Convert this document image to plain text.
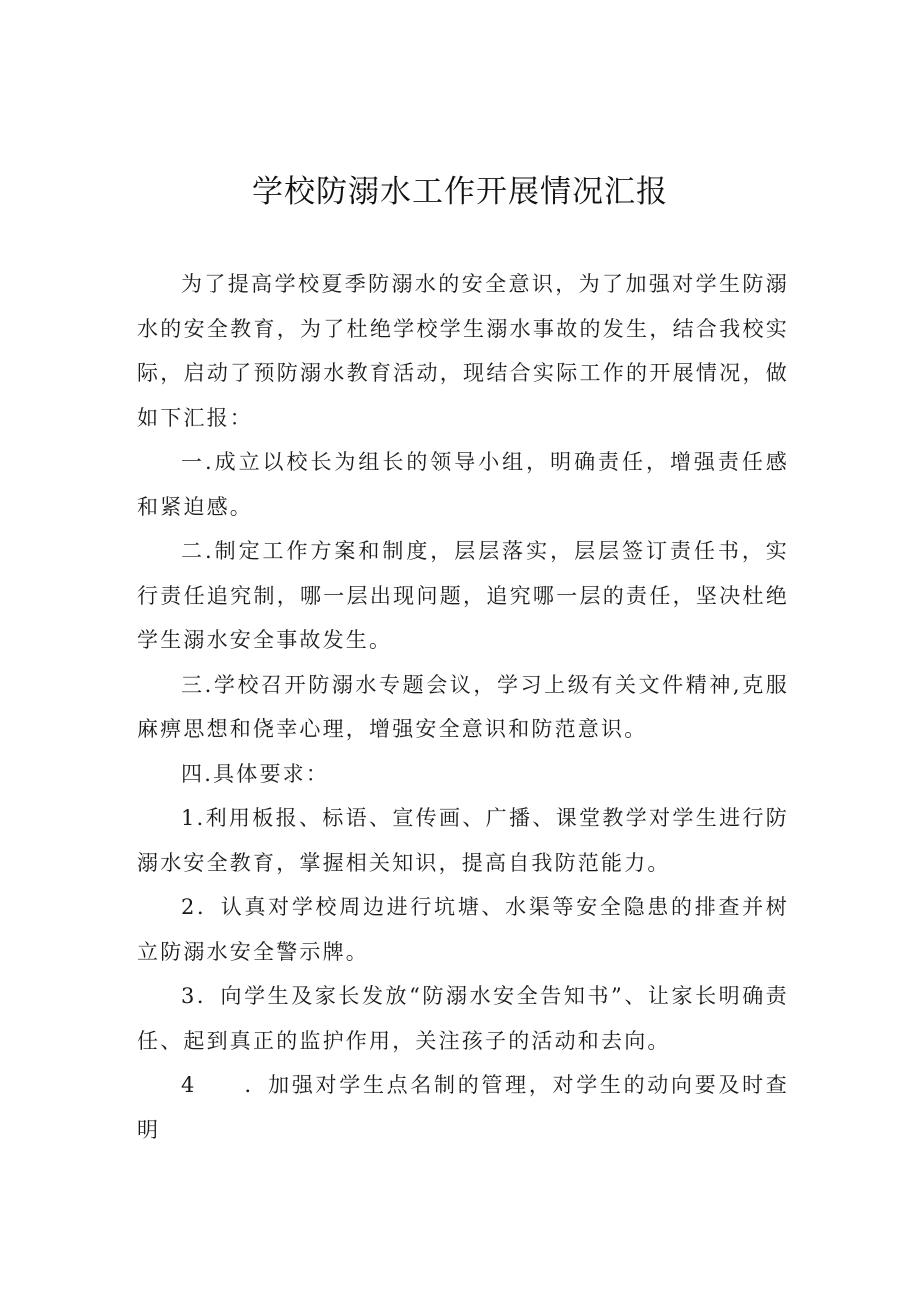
学校防溺水工作开展情况汇报

为了提高学校夏季防溺水的安全意识，为了加强对学生防溺水的安全教育，为了杜绝学校学生溺水事故的发生，结合我校实际，启动了预防溺水教育活动，现结合实际工作的开展情况，做如下汇报：

一.成立以校长为组长的领导小组，明确责任，增强责任感和紧迫感。

二.制定工作方案和制度，层层落实，层层签订责任书，实行责任追究制，哪一层出现问题，追究哪一层的责任，坚决杜绝学生溺水安全事故发生。

三.学校召开防溺水专题会议，学习上级有关文件精神,克服麻痹思想和侥幸心理，增强安全意识和防范意识。

四.具体要求：

1.利用板报、标语、宣传画、广播、课堂教学对学生进行防溺水安全教育，掌握相关知识，提高自我防范能力。

2．认真对学校周边进行坑塘、水渠等安全隐患的排查并树立防溺水安全警示牌。

3．向学生及家长发放“防溺水安全告知书”、让家长明确责任、起到真正的监护作用，关注孩子的活动和去向。

4　　．加强对学生点名制的管理，对学生的动向要及时查明
